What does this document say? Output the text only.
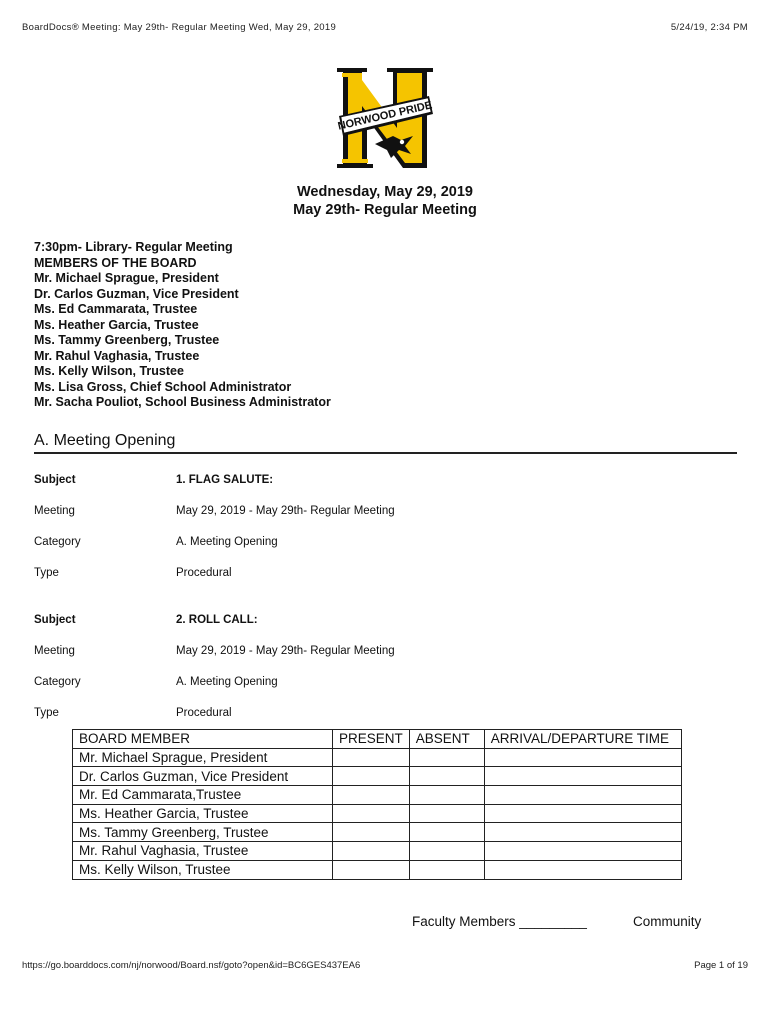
BoardDocs® Meeting: May 29th- Regular Meeting Wed, May 29, 2019	5/24/19, 2:34 PM
NORWOOD PRIDE
Wednesday, May 29, 2019
May 29th- Regular Meeting
7:30pm- Library- Regular Meeting
MEMBERS OF THE BOARD
Mr. Michael Sprague, President
Dr. Carlos Guzman, Vice President
Ms. Ed Cammarata, Trustee
Ms. Heather Garcia, Trustee
Ms. Tammy Greenberg, Trustee
Mr. Rahul Vaghasia, Trustee
Ms. Kelly Wilson, Trustee
Ms. Lisa Gross, Chief School Administrator
Mr. Sacha Pouliot, School Business Administrator
A. Meeting Opening
Subject	1. FLAG SALUTE:
Meeting	May 29, 2019 - May 29th- Regular Meeting
Category	A. Meeting Opening
Type	Procedural
Subject	2. ROLL CALL:
Meeting	May 29, 2019 - May 29th- Regular Meeting
Category	A. Meeting Opening
Type	Procedural
BOARD MEMBER	PRESENT	ABSENT	ARRIVAL/DEPARTURE TIME
Mr. Michael Sprague, President			
Dr. Carlos Guzman, Vice President			
Mr. Ed Cammarata,Trustee			
Ms. Heather Garcia, Trustee			
Ms. Tammy Greenberg, Trustee			
Mr. Rahul Vaghasia, Trustee			
Ms. Kelly Wilson, Trustee			
Faculty Members _________	Community
https://go.boarddocs.com/nj/norwood/Board.nsf/goto?open&id=BC6GES437EA6	Page 1 of 19
